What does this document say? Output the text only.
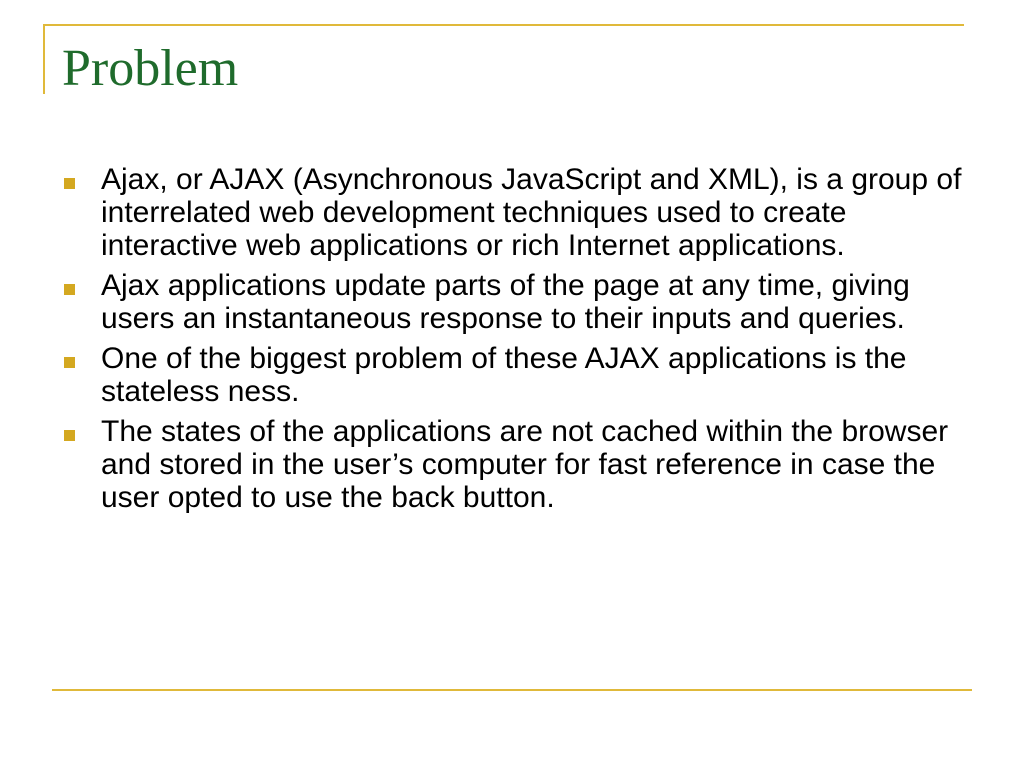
Problem
Ajax, or AJAX (Asynchronous JavaScript and XML), is a group of interrelated web development techniques used to create interactive web applications or rich Internet applications.
Ajax applications update parts of the page at any time, giving users an instantaneous response to their inputs and queries.
One of the biggest problem of these AJAX applications is the stateless ness.
The states of the applications are not cached within the browser and stored in the user’s computer for fast reference in case the user opted to use the back button.
